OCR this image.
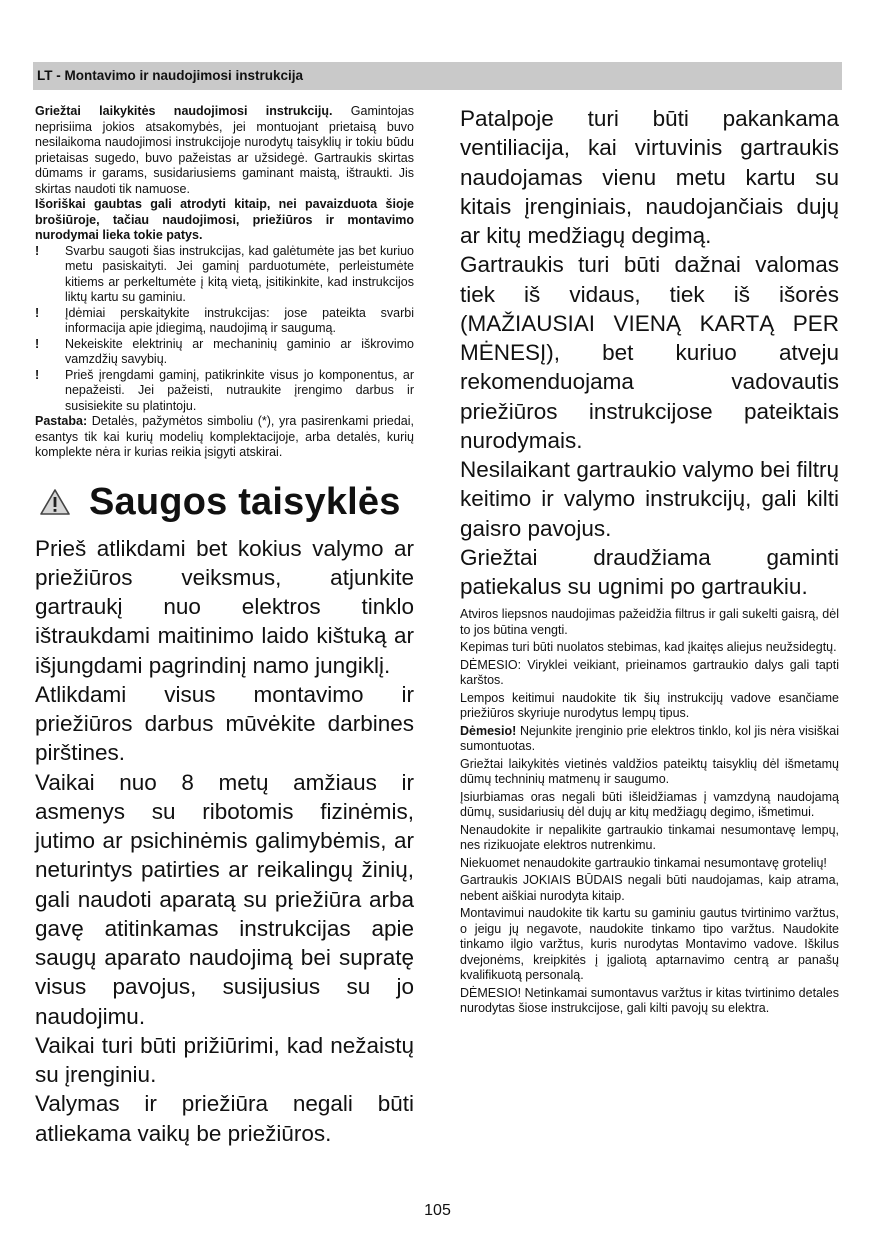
LT - Montavimo ir naudojimosi instrukcija

Griežtai laikykitės naudojimosi instrukcijų. Gamintojas neprisiima jokios atsakomybės, jei montuojant prietaisą buvo nesilaikoma naudojimosi instrukcijoje nurodytų taisyklių ir tokiu būdu prietaisas sugedo, buvo pažeistas ar užsidegė. Gartraukis skirtas dūmams ir garams, susidariusiems gaminant maistą, ištraukti. Jis skirtas naudoti tik namuose.

Išoriškai gaubtas gali atrodyti kitaip, nei pavaizduota šioje brošiūroje, tačiau naudojimosi, priežiūros ir montavimo nurodymai lieka tokie patys.

! Svarbu saugoti šias instrukcijas, kad galėtumėte jas bet kuriuo metu pasiskaityti. Jei gaminį parduotumėte, perleistumėte kitiems ar perkeltumėte į kitą vietą, įsitikinkite, kad instrukcijos liktų kartu su gaminiu.
! Įdėmiai perskaitykite instrukcijas: jose pateikta svarbi informacija apie įdiegimą, naudojimą ir saugumą.
! Nekeiskite elektrinių ar mechaninių gaminio ar iškrovimo vamzdžių savybių.
! Prieš įrengdami gaminį, patikrinkite visus jo komponentus, ar nepažeisti. Jei pažeisti, nutraukite įrengimo darbus ir susisiekite su platintoju.

Pastaba: Detalės, pažymėtos simboliu (*), yra pasirenkami priedai, esantys tik kai kurių modelių komplektacijoje, arba detalės, kurių komplekte nėra ir kurias reikia įsigyti atskirai.

Saugos taisyklės

Prieš atlikdami bet kokius valymo ar priežiūros veiksmus, atjunkite gartraukį nuo elektros tinklo ištraukdami maitinimo laido kištuką ar išjungdami pagrindinį namo jungiklį.

Atlikdami visus montavimo ir priežiūros darbus mūvėkite darbines pirštines.

Vaikai nuo 8 metų amžiaus ir asmenys su ribotomis fizinėmis, jutimo ar psichinėmis galimybėmis, ar neturintys patirties ar reikalingų žinių, gali naudoti aparatą su priežiūra arba gavę atitinkamas instrukcijas apie saugų aparato naudojimą bei supratę visus pavojus, susijusius su jo naudojimu.

Vaikai turi būti prižiūrimi, kad nežaistų su įrenginiu.

Valymas ir priežiūra negali būti atliekama vaikų be priežiūros.

Patalpoje turi būti pakankama ventiliacija, kai virtuvinis gartraukis naudojamas vienu metu kartu su kitais įrenginiais, naudojančiais dujų ar kitų medžiagų degimą.

Gartraukis turi būti dažnai valomas tiek iš vidaus, tiek iš išorės (MAŽIAUSIAI VIENĄ KARTĄ PER MĖNESĮ), bet kuriuo atveju rekomenduojama vadovautis priežiūros instrukcijose pateiktais nurodymais.

Nesilaikant gartraukio valymo bei filtrų keitimo ir valymo instrukcijų, gali kilti gaisro pavojus.

Griežtai draudžiama gaminti patiekalus su ugnimi po gartraukiu.

Atviros liepsnos naudojimas pažeidžia filtrus ir gali sukelti gaisrą, dėl to jos būtina vengti.

Kepimas turi būti nuolatos stebimas, kad įkaitęs aliejus neužsidegtų.

DĖMESIO: Viryklei veikiant, prieinamos gartraukio dalys gali tapti karštos.

Lempos keitimui naudokite tik šių instrukcijų vadove esančiame priežiūros skyriuje nurodytus lempų tipus.

Dėmesio! Nejunkite įrenginio prie elektros tinklo, kol jis nėra visiškai sumontuotas.

Griežtai laikykitės vietinės valdžios pateiktų taisyklių dėl išmetamų dūmų techninių matmenų ir saugumo.

Įsiurbiamas oras negali būti išleidžiamas į vamzdyną naudojamą dūmų, susidariusių dėl dujų ar kitų medžiagų degimo, išmetimui.

Nenaudokite ir nepalikite gartraukio tinkamai nesumontavę lempų, nes rizikuojate elektros nutrenkimu.

Niekuomet nenaudokite gartraukio tinkamai nesumontavę grotelių!

Gartraukis JOKIAIS BŪDAIS negali būti naudojamas, kaip atrama, nebent aiškiai nurodyta kitaip.

Montavimui naudokite tik kartu su gaminiu gautus tvirtinimo varžtus, o jeigu jų negavote, naudokite tinkamo tipo varžtus. Naudokite tinkamo ilgio varžtus, kuris nurodytas Montavimo vadove. Iškilus dvejonėms, kreipkitės į įgaliotą aptarnavimo centrą ar panašų kvalifikuotą personalą.

DĖMESIO! Netinkamai sumontavus varžtus ir kitas tvirtinimo detales nurodytas šiose instrukcijose, gali kilti pavojų su elektra.

105
